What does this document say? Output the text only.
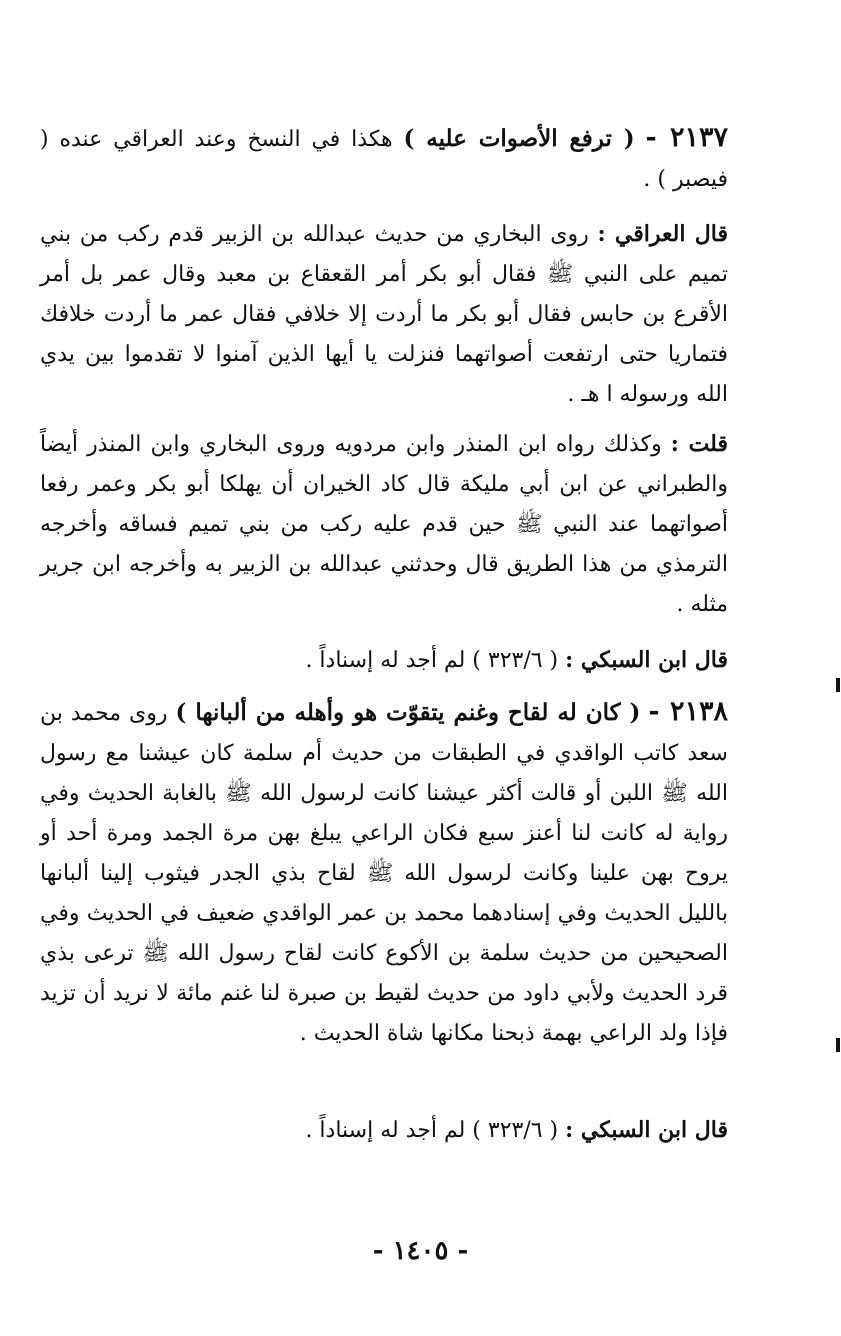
٢١٣٧ - ( ترفع الأصوات عليه ) هكذا في النسخ وعند العراقي عنده ( فيصبر ) .

قال العراقي : روى البخاري من حديث عبدالله بن الزبير قدم ركب من بني تميم على النبي ﷺ فقال أبو بكر أمر القعقاع بن معبد وقال عمر بل أمر الأقرع بن حابس فقال أبو بكر ما أردت إلا خلافي فقال عمر ما أردت خلافك فتماريا حتى ارتفعت أصواتهما فنزلت يا أيها الذين آمنوا لا تقدموا بين يدي الله ورسوله ا هـ .

قلت : وكذلك رواه ابن المنذر وابن مردويه وروى البخاري وابن المنذر أيضاً والطبراني عن ابن أبي مليكة قال كاد الخيران أن يهلكا أبو بكر وعمر رفعا أصواتهما عند النبي ﷺ حين قدم عليه ركب من بني تميم فساقه وأخرجه الترمذي من هذا الطريق قال وحدثني عبدالله بن الزبير به وأخرجه ابن جرير مثله .

قال ابن السبكي : ( ٣٢٣/٦ ) لم أجد له إسناداً .

٢١٣٨ - ( كان له لقاح وغنم يتقوّت هو وأهله من ألبانها ) روى محمد بن سعد كاتب الواقدي في الطبقات من حديث أم سلمة كان عيشنا مع رسول الله ﷺ اللبن أو قالت أكثر عيشنا كانت لرسول الله ﷺ بالغابة الحديث وفي رواية له كانت لنا أعنز سبع فكان الراعي يبلغ بهن مرة الجمد ومرة أحد أو يروح بهن علينا وكانت لرسول الله ﷺ لقاح بذي الجدر فيثوب إلينا ألبانها بالليل الحديث وفي إسنادهما محمد بن عمر الواقدي ضعيف في الحديث وفي الصحيحين من حديث سلمة بن الأكوع كانت لقاح رسول الله ﷺ ترعى بذي قرد الحديث ولأبي داود من حديث لقيط بن صبرة لنا غنم مائة لا نريد أن تزيد فإذا ولد الراعي بهمة ذبحنا مكانها شاة الحديث .

قال ابن السبكي : ( ٣٢٣/٦ ) لم أجد له إسناداً .

- ١٤٠٥ -
